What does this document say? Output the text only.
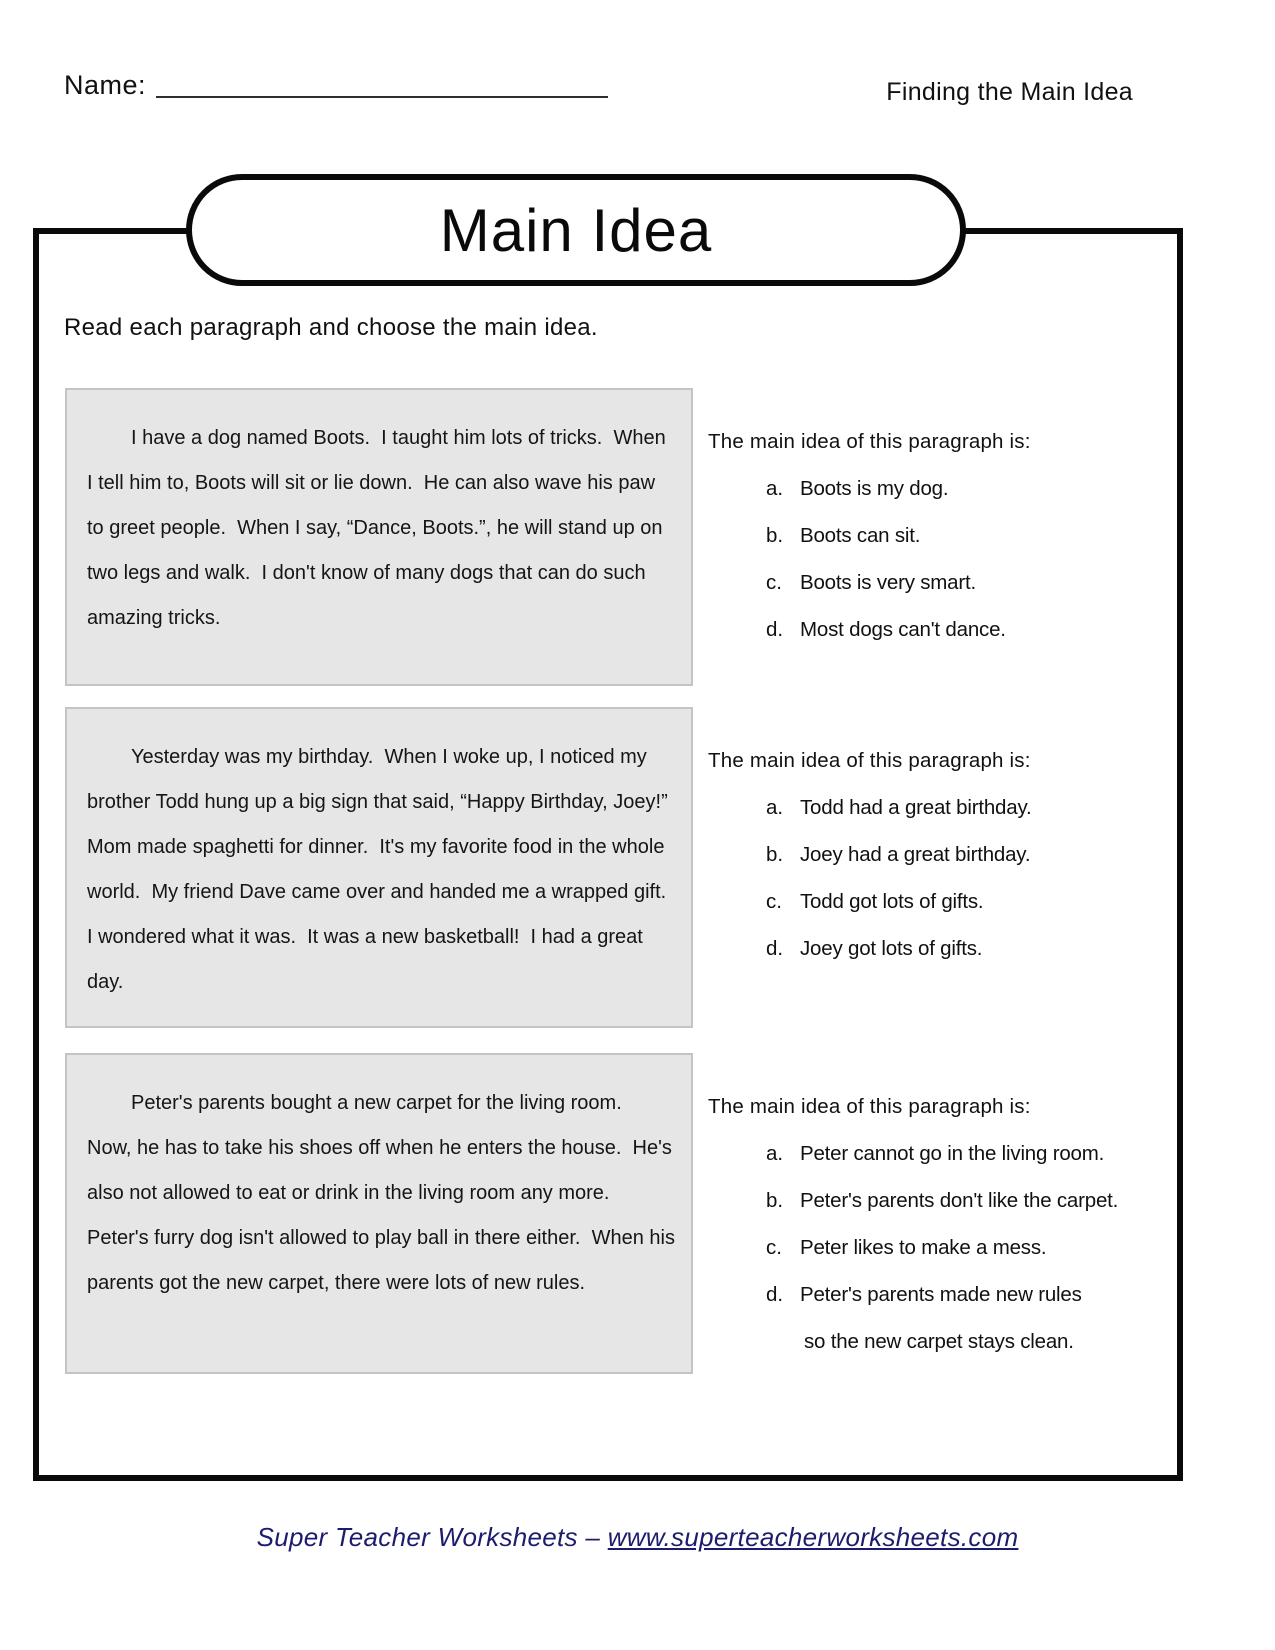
Name:	Finding the Main Idea
Main Idea
Read each paragraph and choose the main idea.
I have a dog named Boots.  I taught him lots of tricks.  When I tell him to, Boots will sit or lie down.  He can also wave his paw to greet people.  When I say, “Dance, Boots.”, he will stand up on two legs and walk.  I don't know of many dogs that can do such amazing tricks.
The main idea of this paragraph is:
a. Boots is my dog.
b. Boots can sit.
c. Boots is very smart.
d. Most dogs can't dance.
Yesterday was my birthday.  When I woke up, I noticed my brother Todd hung up a big sign that said, “Happy Birthday, Joey!”  Mom made spaghetti for dinner.  It's my favorite food in the whole world.  My friend Dave came over and handed me a wrapped gift.  I wondered what it was.  It was a new basketball!  I had a great day.
The main idea of this paragraph is:
a. Todd had a great birthday.
b. Joey had a great birthday.
c. Todd got lots of gifts.
d. Joey got lots of gifts.
Peter's parents bought a new carpet for the living room.  Now, he has to take his shoes off when he enters the house.  He's also not allowed to eat or drink in the living room any more. Peter's furry dog isn't allowed to play ball in there either.  When his parents got the new carpet, there were lots of new rules.
The main idea of this paragraph is:
a. Peter cannot go in the living room.
b. Peter's parents don't like the carpet.
c. Peter likes to make a mess.
d. Peter's parents made new rules
so the new carpet stays clean.
Super Teacher Worksheets – www.superteacherworksheets.com
